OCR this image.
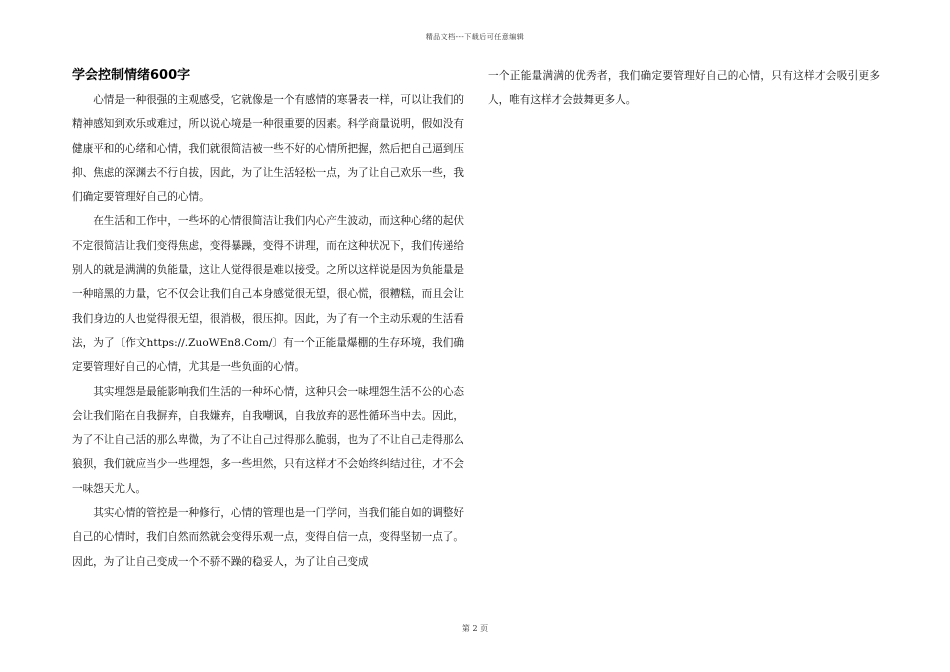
精品文档---下载后可任意编辑
学会控制情绪600字

心情是一种很强的主观感受，它就像是一个有感情的寒暑表一样，可以让我们的精神感知到欢乐或难过，所以说心境是一种很重要的因素。科学商量说明，假如没有健康平和的心绪和心情，我们就很简洁被一些不好的心情所把握，然后把自己逼到压抑、焦虑的深渊去不行自拔，因此，为了让生活轻松一点，为了让自己欢乐一些，我们确定要管理好自己的心情。

在生活和工作中，一些坏的心情很简洁让我们内心产生波动，而这种心绪的起伏不定很简洁让我们变得焦虑，变得暴躁，变得不讲理，而在这种状况下，我们传递给别人的就是满满的负能量，这让人觉得很是难以接受。之所以这样说是因为负能量是一种暗黑的力量，它不仅会让我们自己本身感觉很无望，很心慌，很糟糕，而且会让我们身边的人也觉得很无望，很消极，很压抑。因此，为了有一个主动乐观的生活看法，为了〔作文https://.ZuoWEn8.Com/〕有一个正能量爆棚的生存环境，我们确定要管理好自己的心情，尤其是一些负面的心情。

其实埋怨是最能影响我们生活的一种坏心情，这种只会一味埋怨生活不公的心态会让我们陷在自我摒弃，自我嫌弃，自我嘲讽，自我放弃的恶性循环当中去。因此，为了不让自己活的那么卑微，为了不让自己过得那么脆弱，也为了不让自己走得那么狼狈，我们就应当少一些埋怨，多一些坦然，只有这样才不会始终纠结过往，才不会一味怨天尤人。

其实心情的管控是一种修行，心情的管理也是一门学问，当我们能自如的调整好自己的心情时，我们自然而然就会变得乐观一点，变得自信一点，变得坚韧一点了。因此，为了让自己变成一个不骄不躁的稳妥人，为了让自己变成

一个正能量满满的优秀者，我们确定要管理好自己的心情，只有这样才会吸引更多人，唯有这样才会鼓舞更多人。

第 2 页
